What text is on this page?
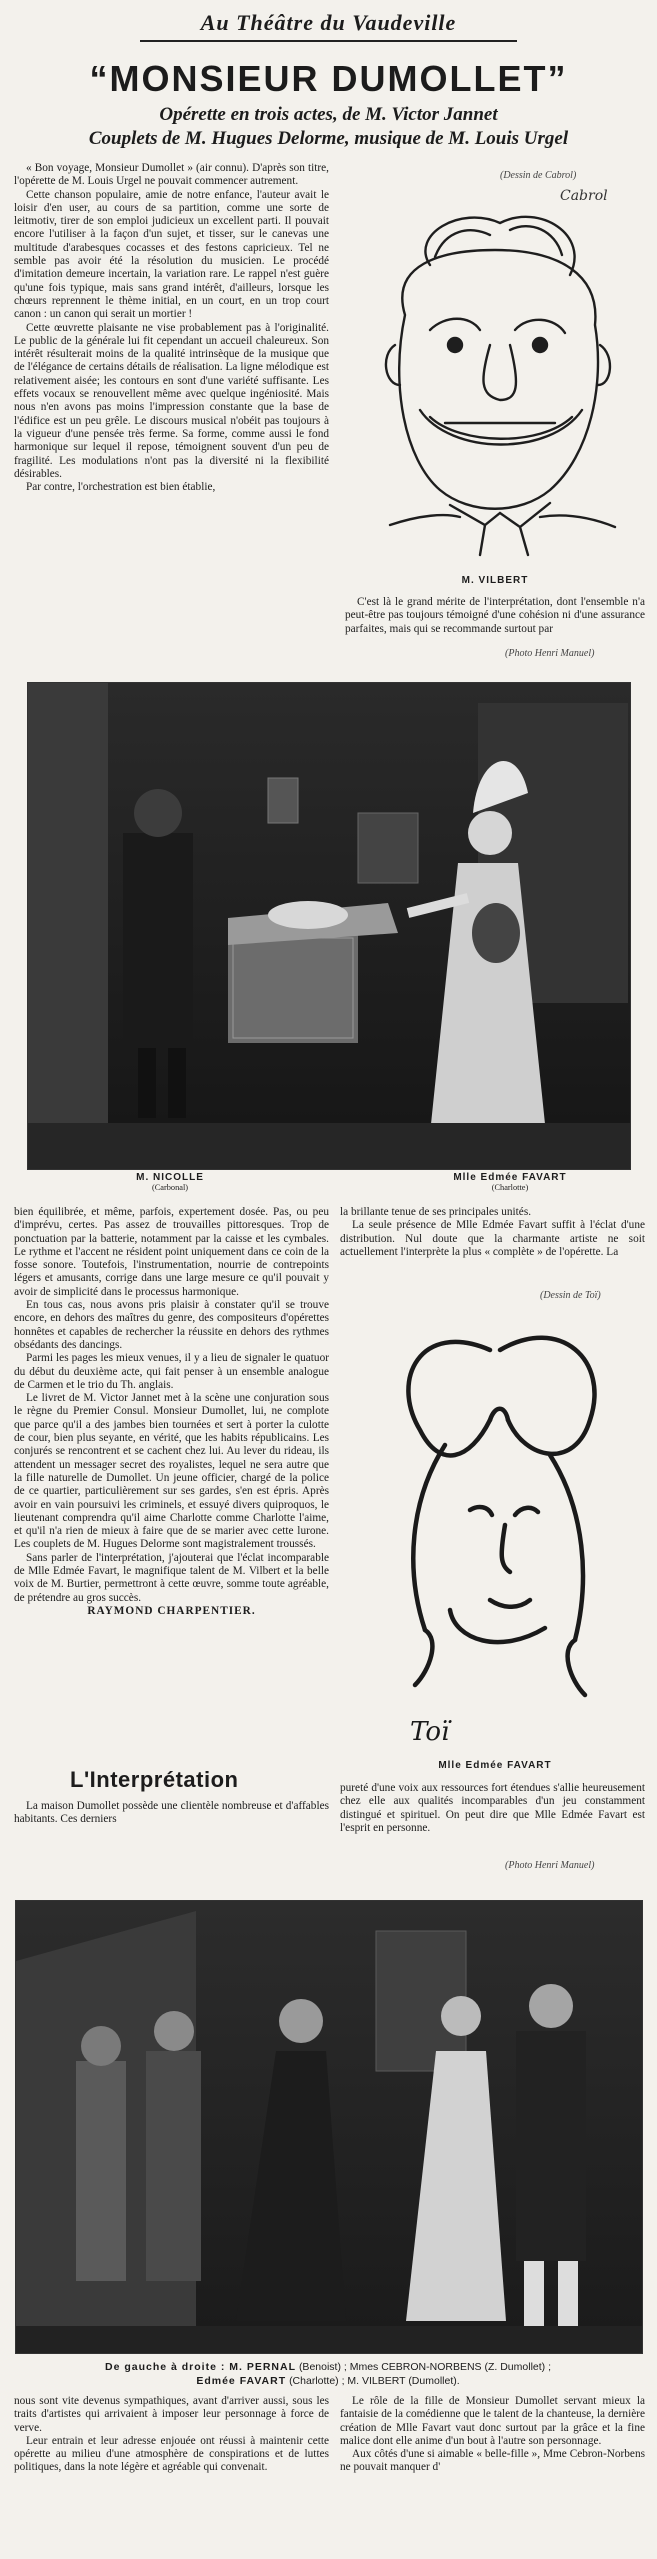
Au Théâtre du Vaudeville
“MONSIEUR DUMOLLET”
Opérette en trois actes, de M. Victor Jannet
Couplets de M. Hugues Delorme, musique de M. Louis Urgel

« Bon voyage, Monsieur Dumollet » (air connu). D'après son titre, l'opérette de M. Louis Urgel ne pouvait commencer autrement.

Cette chanson populaire, amie de notre enfance, l'auteur avait le loisir d'en user, au cours de sa partition, comme une sorte de leitmotiv, tirer de son emploi judicieux un excellent parti. Il pouvait encore l'utiliser à la façon d'un sujet, et tisser, sur le canevas une multitude d'arabesques cocasses et des festons capricieux. Tel ne semble pas avoir été la résolution du musicien. Le procédé d'imitation demeure incertain, la variation rare. Le rappel n'est guère qu'une fois typique, mais sans grand intérêt, d'ailleurs, lorsque les chœurs reprennent le thème initial, en un court, en un trop court canon : un canon qui serait un mortier !

Cette œuvrette plaisante ne vise probablement pas à l'originalité. Le public de la générale lui fit cependant un accueil chaleureux. Son intérêt résulterait moins de la qualité intrinsèque de la musique que de l'élégance de certains détails de réalisation. La ligne mélodique est relativement aisée; les contours en sont d'une variété suffisante. Les effets vocaux se renouvellent même avec quelque ingéniosité. Mais nous n'en avons pas moins l'impression constante que la base de l'édifice est un peu grêle. Le discours musical n'obéit pas toujours à la vigueur d'une pensée très ferme. Sa forme, comme aussi le fond harmonique sur lequel il repose, témoignent souvent d'un peu de fragilité. Les modulations n'ont pas la diversité ni la flexibilité désirables.

Par contre, l'orchestration est bien établie,

(Dessin de Cabrol)
Cabrol
M. VILBERT

C'est là le grand mérite de l'interprétation, dont l'ensemble n'a peut-être pas toujours témoigné d'une cohésion ni d'une assurance parfaites, mais qui se recommande surtout par

(Photo Henri Manuel)
M. NICOLLE
(Carbonal)
Mlle Edmée FAVART
(Charlotte)

bien équilibrée, et même, parfois, expertement dosée. Pas, ou peu d'imprévu, certes. Pas assez de trouvailles pittoresques. Trop de ponctuation par la batterie, notamment par la caisse et les cymbales. Le rythme et l'accent ne résident point uniquement dans ce coin de la fosse sonore. Toutefois, l'instrumentation, nourrie de contrepoints légers et amusants, corrige dans une large mesure ce qu'il pouvait y avoir de simplicité dans le processus harmonique.

En tous cas, nous avons pris plaisir à constater qu'il se trouve encore, en dehors des maîtres du genre, des compositeurs d'opérettes honnêtes et capables de rechercher la réussite en dehors des rythmes obsédants des dancings.

Parmi les pages les mieux venues, il y a lieu de signaler le quatuor du début du deuxième acte, qui fait penser à un ensemble analogue de Carmen et le trio du Th. anglais.

Le livret de M. Victor Jannet met à la scène une conjuration sous le règne du Premier Consul. Monsieur Dumollet, lui, ne complote que parce qu'il a des jambes bien tournées et sert à porter la culotte de cour, bien plus seyante, en vérité, que les habits républicains. Les conjurés se rencontrent et se cachent chez lui. Au lever du rideau, ils attendent un messager secret des royalistes, lequel ne sera autre que la fille naturelle de Dumollet. Un jeune officier, chargé de la police de ce quartier, particulièrement sur ses gardes, s'en est épris. Après avoir en vain poursuivi les criminels, et essuyé divers quiproquos, le lieutenant comprendra qu'il aime Charlotte comme Charlotte l'aime, et qu'il n'a rien de mieux à faire que de se marier avec cette lurone. Les couplets de M. Hugues Delorme sont magistralement troussés.

Sans parler de l'interprétation, j'ajouterai que l'éclat incomparable de Mlle Edmée Favart, le magnifique talent de M. Vilbert et la belle voix de M. Burtier, permettront à cette œuvre, somme toute agréable, de prétendre au gros succès.

RAYMOND CHARPENTIER.

la brillante tenue de ses principales unités.

La seule présence de Mlle Edmée Favart suffit à l'éclat d'une distribution. Nul doute que la charmante artiste ne soit actuellement l'interprète la plus « complète » de l'opérette. La

(Dessin de Toï)
Toï
Mlle Edmée FAVART

pureté d'une voix aux ressources fort étendues s'allie heureusement chez elle aux qualités incomparables d'un jeu constamment distingué et spirituel. On peut dire que Mlle Edmée Favart est l'esprit en personne.

(Photo Henri Manuel)
L'Interprétation

La maison Dumollet possède une clientèle nombreuse et d'affables habitants. Ces derniers

De gauche à droite : M. PERNAL (Benoist) ; Mmes CEBRON-NORBENS (Z. Dumollet) ;
Edmée FAVART (Charlotte) ; M. VILBERT (Dumollet).

nous sont vite devenus sympathiques, avant d'arriver aussi, sous les traits d'artistes qui arrivaient à imposer leur personnage à force de verve.

Leur entrain et leur adresse enjouée ont réussi à maintenir cette opérette au milieu d'une atmosphère de conspirations et de luttes politiques, dans la note légère et agréable qui convenait.

Le rôle de la fille de Monsieur Dumollet servant mieux la fantaisie de la comédienne que le talent de la chanteuse, la dernière création de Mlle Favart vaut donc surtout par la grâce et la fine malice dont elle anime d'un bout à l'autre son personnage.

Aux côtés d'une si aimable « belle-fille », Mme Cebron-Norbens ne pouvait manquer d'
